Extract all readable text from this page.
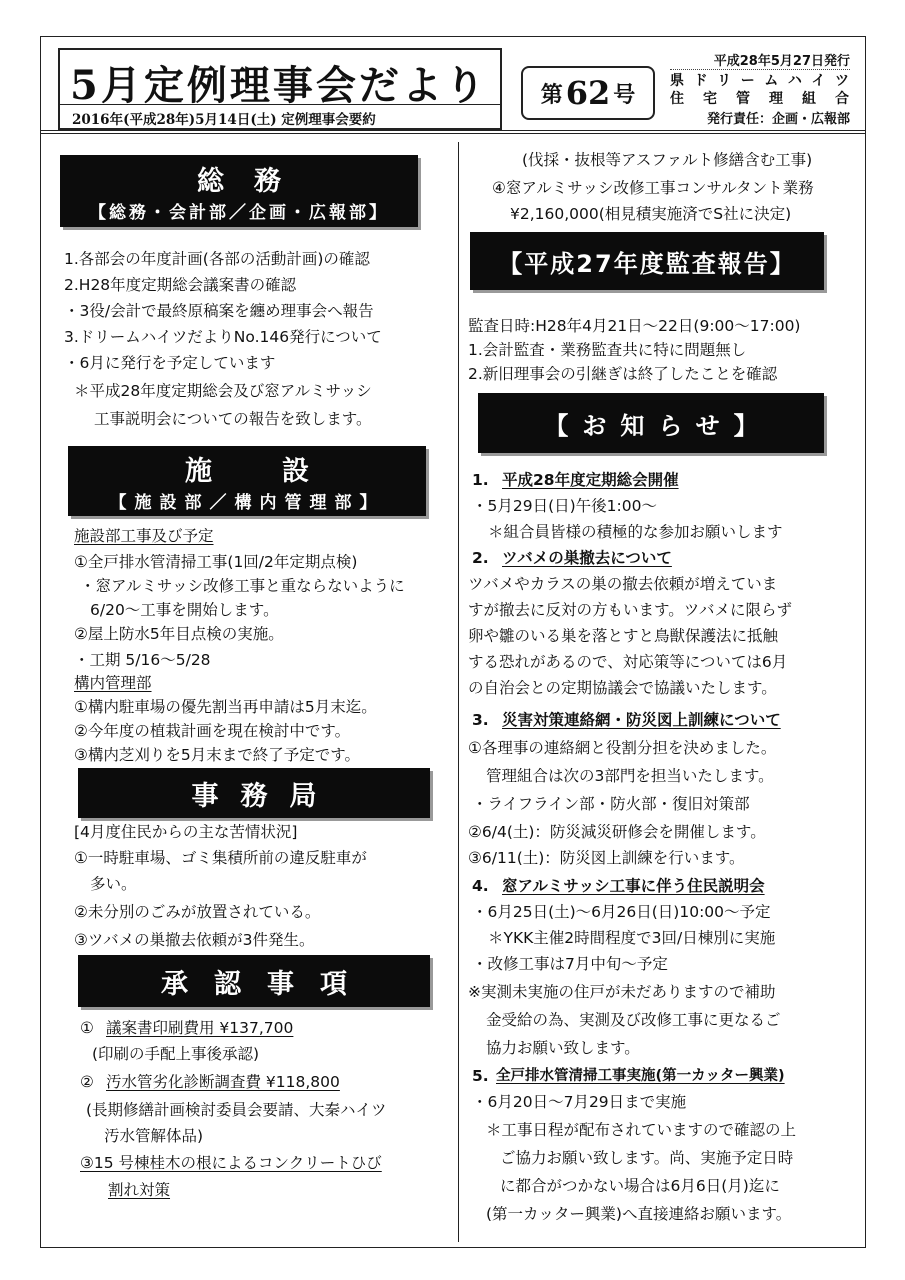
5月定例理事会だより
2016年(平成28年)5月14日(土) 定例理事会要約
第 62 号
平成28年5月27日発行
県ドリームハイツ
住宅管理組合
発行責任：企画・広報部
総務
【総務・会計部／企画・広報部】
1.各部会の年度計画(各部の活動計画)の確認
2.H28年度定期総会議案書の確認
・3役/会計で最終原稿案を纏め理事会へ報告
3.ドリームハイツだよりNo.146発行について
・6月に発行を予定しています
＊平成28年度定期総会及び窓アルミサッシ
工事説明会についての報告を致します。
施設
【施設部／構内管理部】
施設部工事及び予定
①全戸排水管清掃工事(1回/2年定期点検)
・窓アルミサッシ改修工事と重ならないように
6/20～工事を開始します。
②屋上防水5年目点検の実施。
・工期 5/16～5/28
構内管理部
①構内駐車場の優先割当再申請は5月末迄。
②今年度の植栽計画を現在検討中です。
③構内芝刈りを5月末まで終了予定です。
事務局
[4月度住民からの主な苦情状況]
①一時駐車場、ゴミ集積所前の違反駐車が
多い。
②未分別のごみが放置されている。
③ツバメの巣撤去依頼が3件発生。
承認事項
① 議案書印刷費用 ¥137,700
(印刷の手配上事後承認)
② 汚水管劣化診断調査費 ¥118,800
(長期修繕計画検討委員会要請、大秦ハイツ
汚水管解体品)
③15 号棟桂木の根によるコンクリートひび
割れ対策
(伐採・抜根等アスファルト修繕含む工事)
④窓アルミサッシ改修工事コンサルタント業務
¥2,160,000(相見積実施済でS社に決定)
【平成27年度監査報告】
監査日時:H28年4月21日～22日(9:00～17:00)
1.会計監査・業務監査共に特に問題無し
2.新旧理事会の引継ぎは終了したことを確認
【お知らせ】
1. 平成28年度定期総会開催
・5月29日(日)午後1:00～
＊組合員皆様の積極的な参加お願いします
2. ツバメの巣撤去について
ツバメやカラスの巣の撤去依頼が増えていま
すが撤去に反対の方もいます。ツバメに限らず
卵や雛のいる巣を落とすと鳥獣保護法に抵触
する恐れがあるので、対応策等については6月
の自治会との定期協議会で協議いたします。
3. 災害対策連絡網・防災図上訓練について
①各理事の連絡網と役割分担を決めました。
管理組合は次の3部門を担当いたします。
・ライフライン部・防火部・復旧対策部
②6/4(土)：防災減災研修会を開催します。
③6/11(土)：防災図上訓練を行います。
4. 窓アルミサッシ工事に伴う住民説明会
・6月25日(土)～6月26日(日)10:00～予定
＊YKK主催2時間程度で3回/日棟別に実施
・改修工事は7月中旬～予定
※実測未実施の住戸が未だありますので補助
金受給の為、実測及び改修工事に更なるご
協力お願い致します。
5. 全戸排水管清掃工事実施(第一カッター興業)
・6月20日～7月29日まで実施
＊工事日程が配布されていますので確認の上
ご協力お願い致します。尚、実施予定日時
に都合がつかない場合は6月6日(月)迄に
(第一カッター興業)へ直接連絡お願います。
